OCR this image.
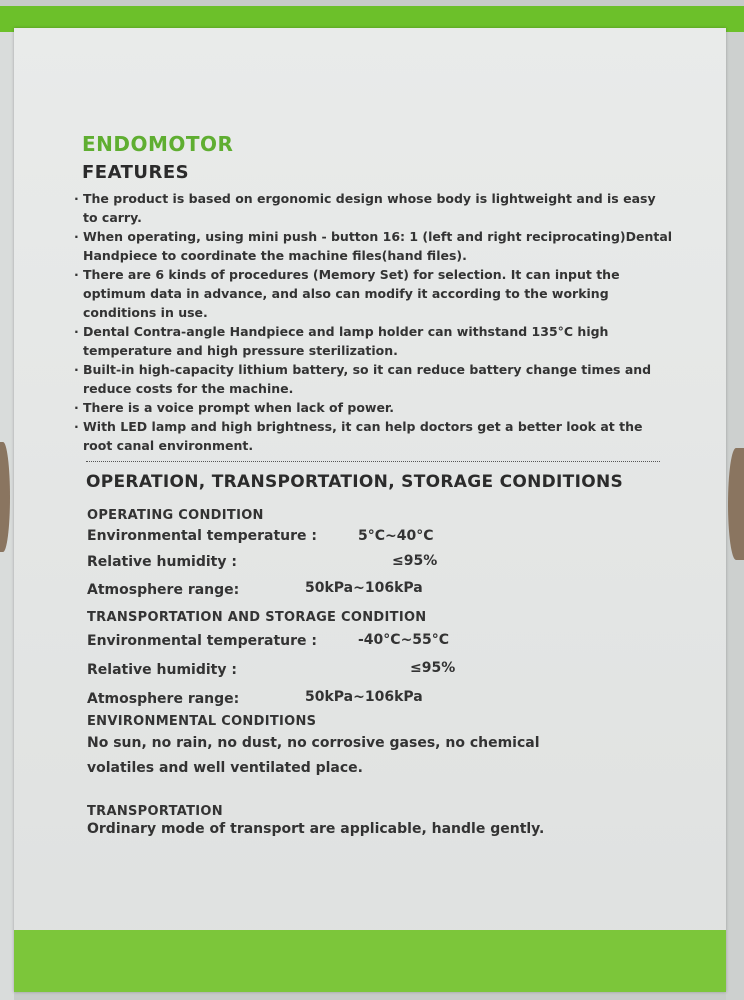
ENDOMOTOR
FEATURES
· The product is based on ergonomic design whose body is lightweight and is easy to carry.
· When operating, using mini push - button 16: 1 (left and right reciprocating)Dental Handpiece to coordinate the machine files(hand files).
· There are 6 kinds of procedures (Memory Set) for selection. It can input the optimum data in advance, and also can modify it according to the working conditions in use.
· Dental Contra-angle Handpiece and lamp holder can withstand 135°C high temperature and high pressure sterilization.
· Built-in high-capacity lithium battery, so it can reduce battery change times and reduce costs for the machine.
· There is a voice prompt when lack of power.
· With LED lamp and high brightness, it can help doctors get a better look at the root canal environment.
OPERATION, TRANSPORTATION, STORAGE CONDITIONS
OPERATING CONDITION
Environmental temperature :	5°C~40°C
Relative humidity :	≤95%
Atmosphere range:	50kPa~106kPa
TRANSPORTATION AND STORAGE CONDITION
Environmental temperature :	-40°C~55°C
Relative humidity :	≤95%
Atmosphere range:	50kPa~106kPa
ENVIRONMENTAL CONDITIONS

No sun, no rain, no dust, no corrosive gases, no chemical volatiles and well ventilated place.

TRANSPORTATION

Ordinary mode of transport are applicable, handle gently.
